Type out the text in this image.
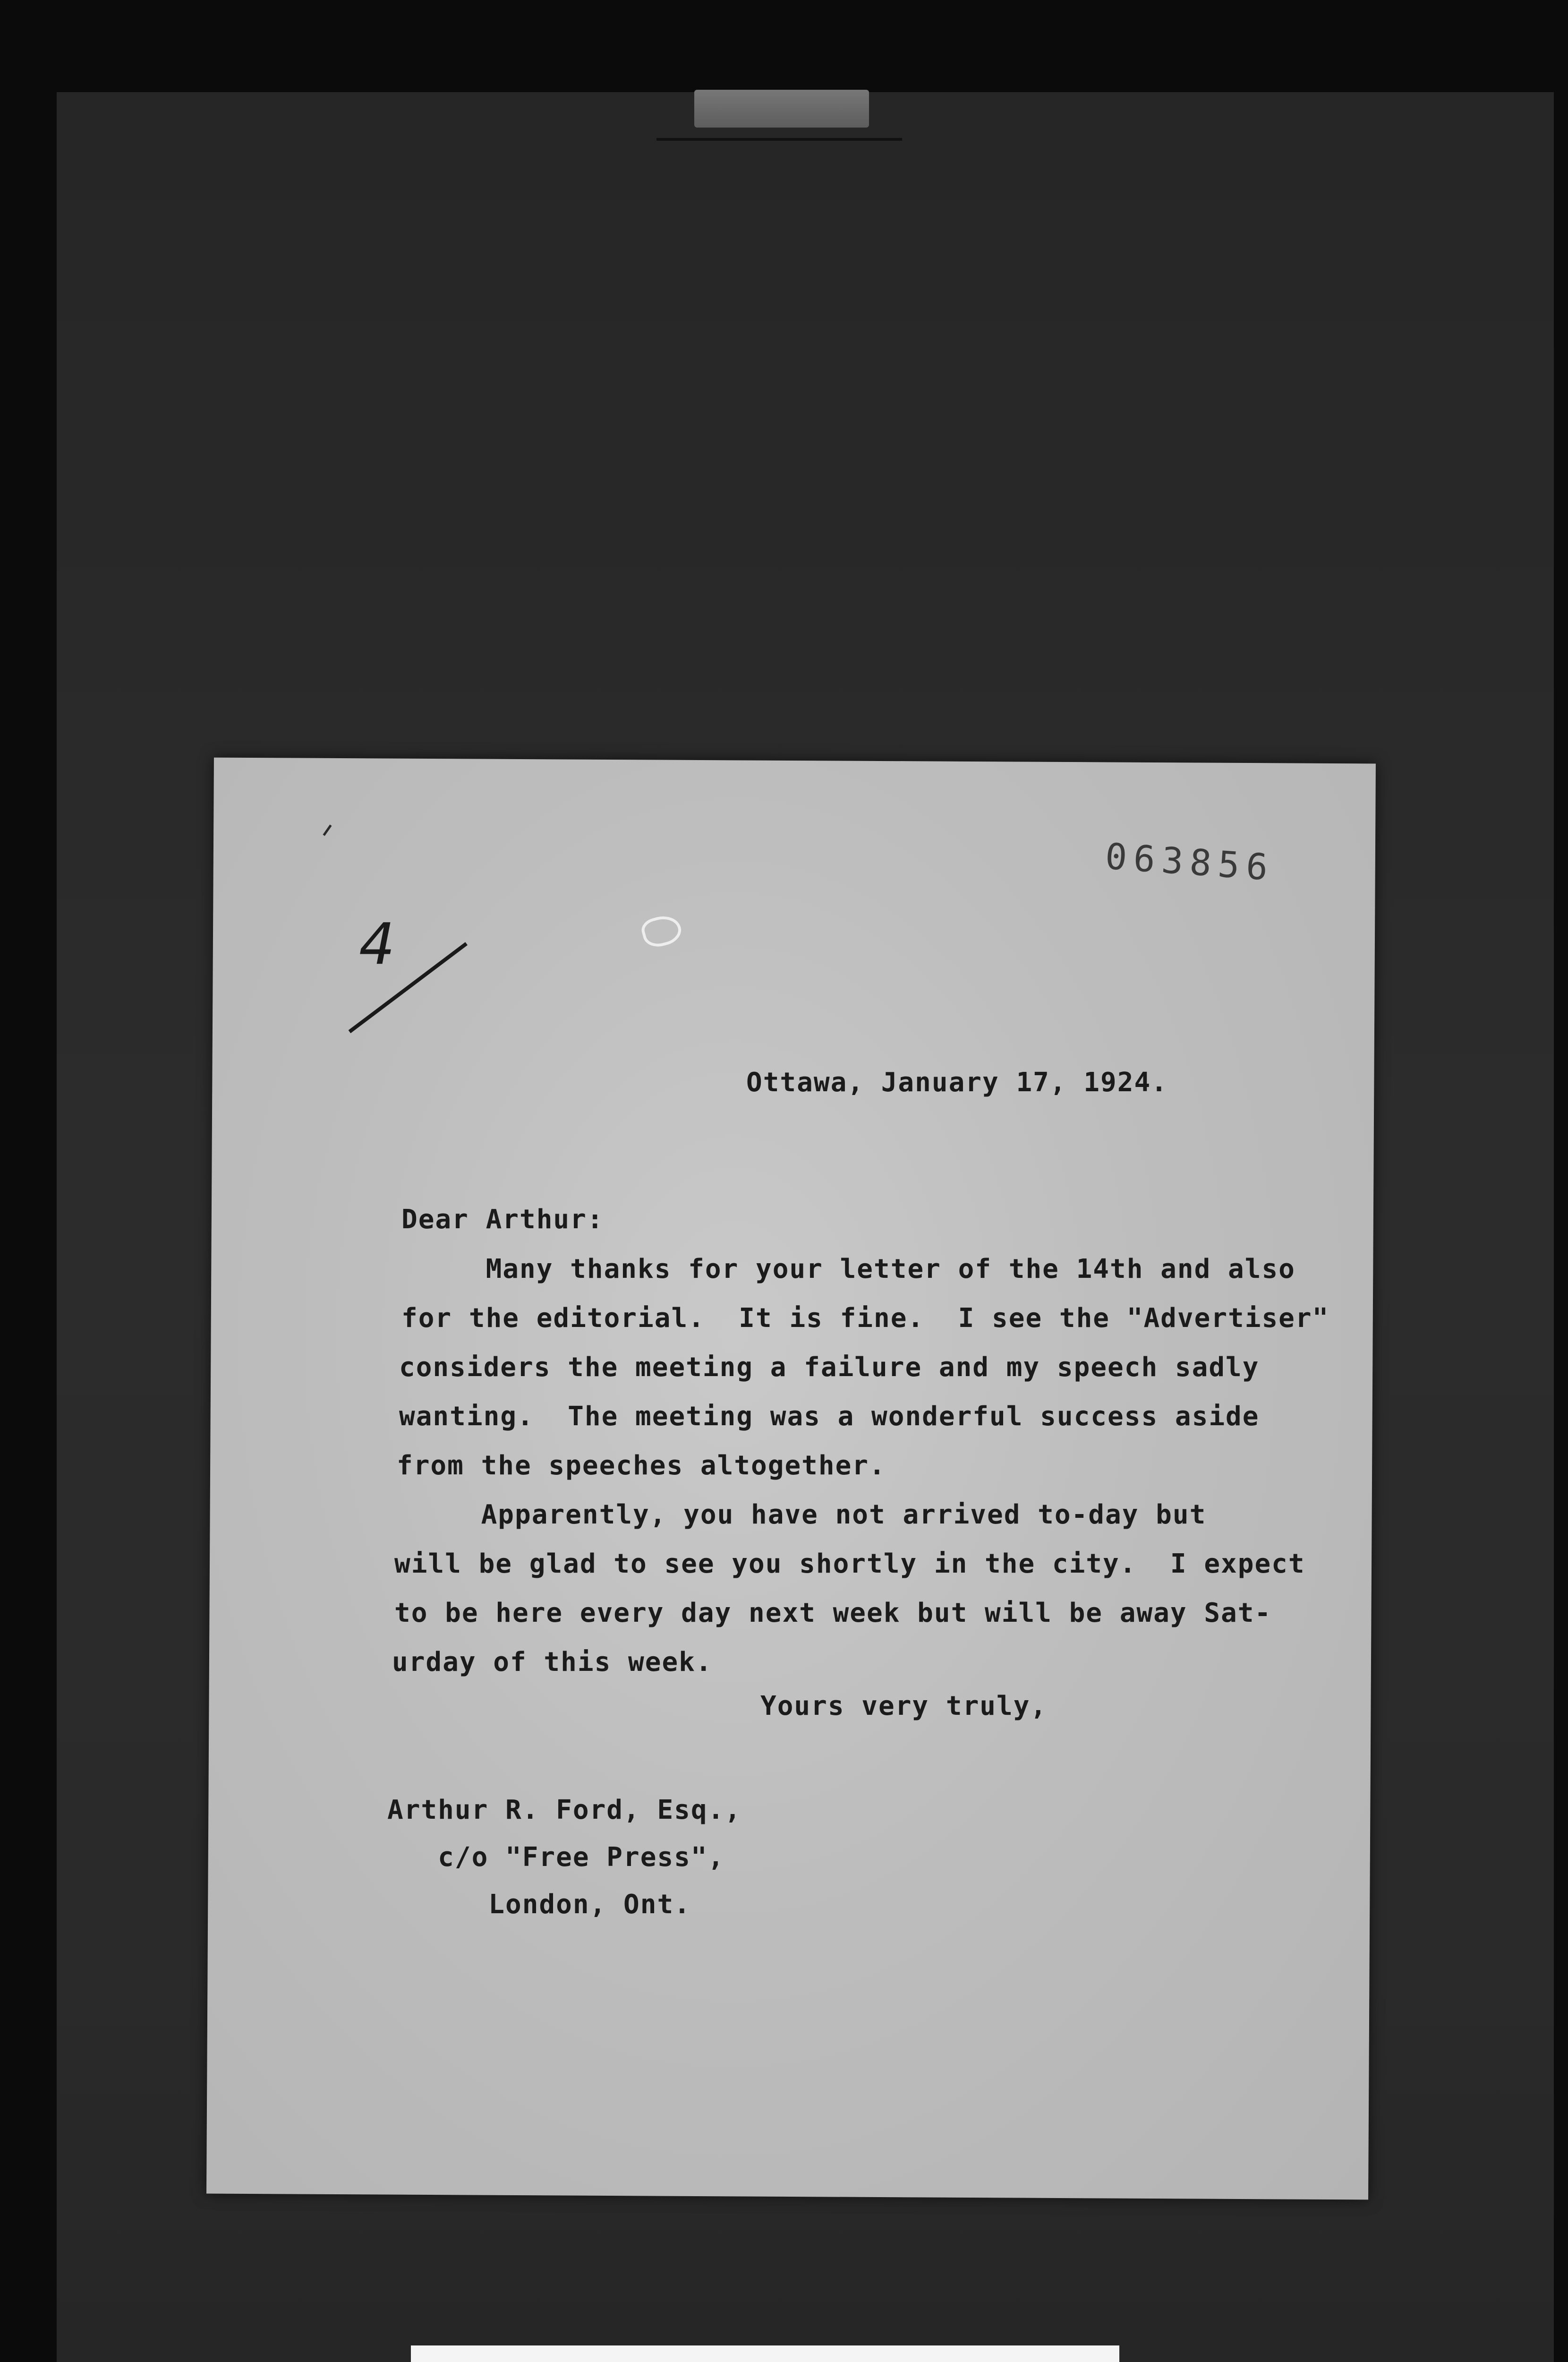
063856
4
Ottawa, January 17, 1924.
Dear Arthur:
Many thanks for your letter of the 14th and also
for the editorial.  It is fine.  I see the "Advertiser"
considers the meeting a failure and my speech sadly
wanting.  The meeting was a wonderful success aside
from the speeches altogether.
Apparently, you have not arrived to-day but
will be glad to see you shortly in the city.  I expect
to be here every day next week but will be away Sat-
urday of this week.
Yours very truly,
Arthur R. Ford, Esq.,
c/o "Free Press",
London, Ont.
